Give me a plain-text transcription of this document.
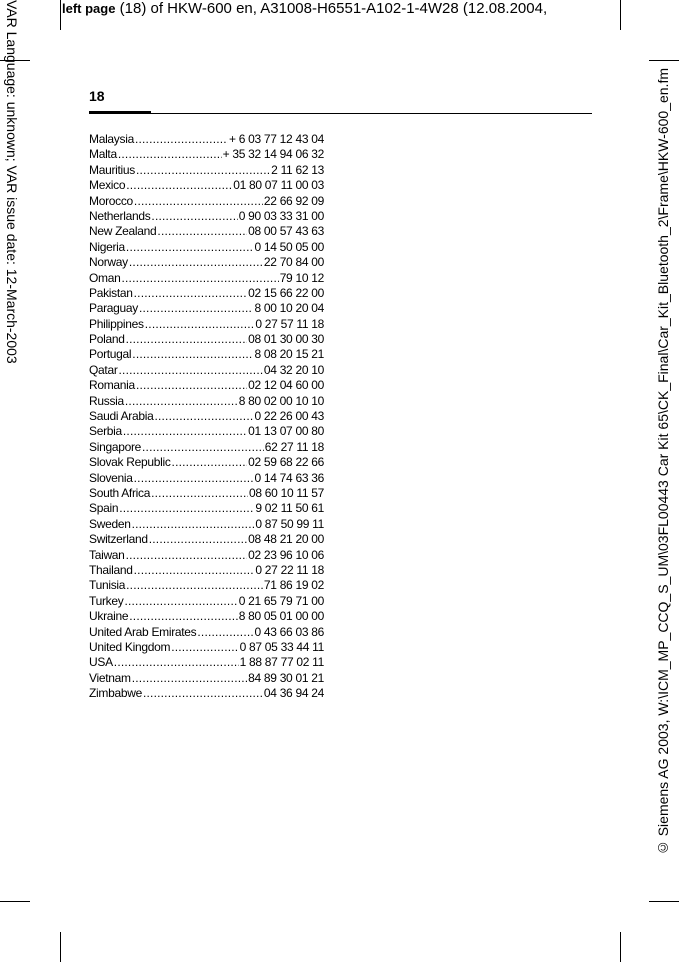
left page (18) of HKW-600 en, A31008-H6551-A102-1-4W28 (12.08.2004,
VAR Language: unknown; VAR issue date: 12-March-2003	© Siemens AG 2003, W:\ICM_MP_CCQ_S_UM\03FL00443 Car Kit 65\CK_Final\Car_Kit_Bluetooth_2\Frame\HKW-600_en.fm
18
Malaysia .....	+ 6 03 77 12 43 04
Malta .....	+ 35 32 14 94 06 32
Mauritius .....	2 11 62 13
Mexico .....	01 80 07 11 00 03
Morocco .....	22 66 92 09
Netherlands .....	0 90 03 33 31 00
New Zealand .....	08 00 57 43 63
Nigeria .....	0 14 50 05 00
Norway .....	22 70 84 00
Oman .....	79 10 12
Pakistan .....	02 15 66 22 00
Paraguay .....	8 00 10 20 04
Philippines .....	0 27 57 11 18
Poland .....	08 01 30 00 30
Portugal .....	8 08 20 15 21
Qatar .....	04 32 20 10
Romania .....	02 12 04 60 00
Russia .....	8 80 02 00 10 10
Saudi Arabia .....	0 22 26 00 43
Serbia .....	01 13 07 00 80
Singapore .....	62 27 11 18
Slovak Republic .....	02 59 68 22 66
Slovenia .....	0 14 74 63 36
South Africa .....	08 60 10 11 57
Spain .....	9 02 11 50 61
Sweden .....	0 87 50 99 11
Switzerland .....	08 48 21 20 00
Taiwan .....	02 23 96 10 06
Thailand .....	0 27 22 11 18
Tunisia .....	71 86 19 02
Turkey .....	0 21 65 79 71 00
Ukraine .....	8 80 05 01 00 00
United Arab Emirates .....	0 43 66 03 86
United Kingdom .....	0 87 05 33 44 11
USA .....	1 88 87 77 02 11
Vietnam .....	84 89 30 01 21
Zimbabwe .....	04 36 94 24
